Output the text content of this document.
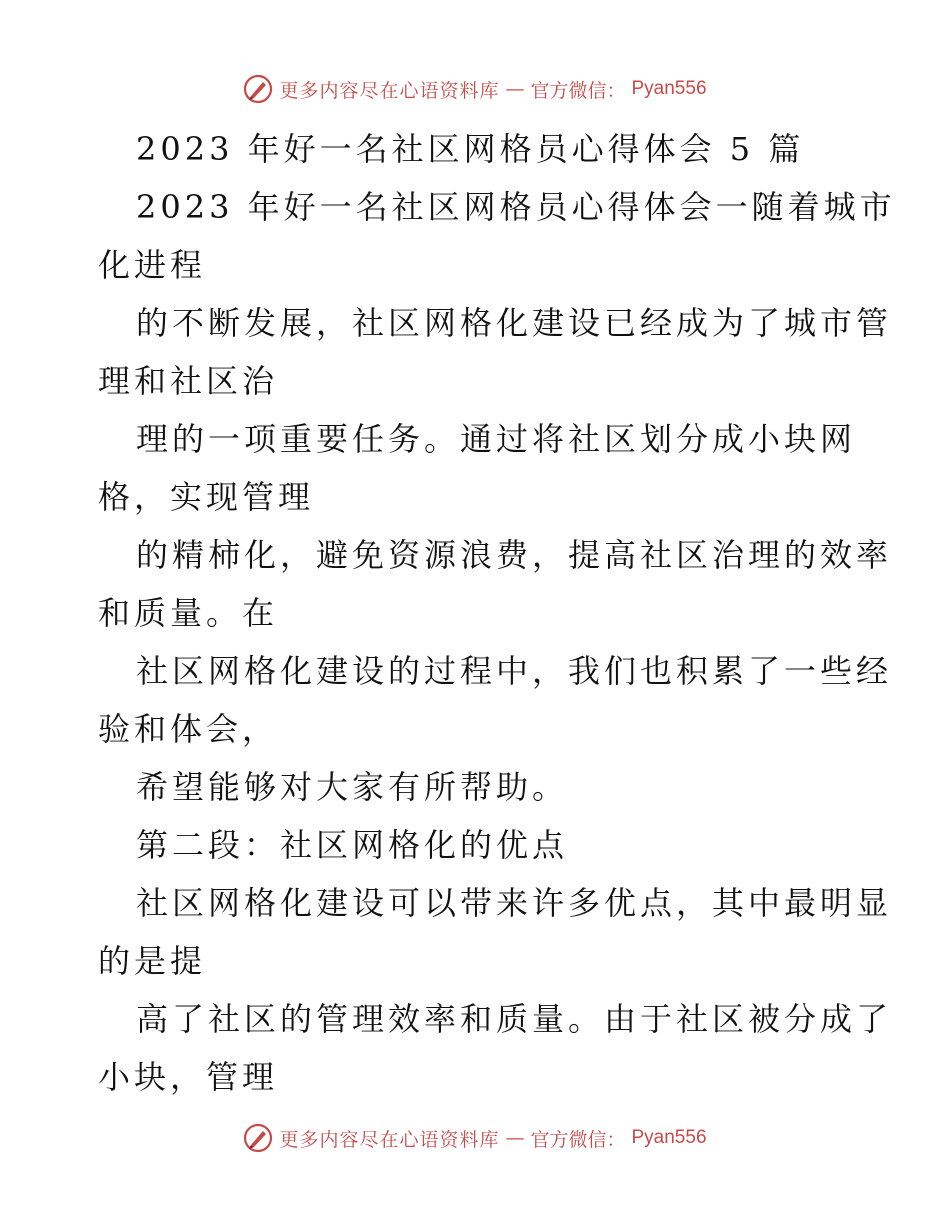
更多内容尽在心语资料库 — 官方微信： Pyan556

2023 年好一名社区网格员心得体会 5 篇

2023 年好一名社区网格员心得体会一随着城市

化进程

的不断发展，社区网格化建设已经成为了城市管

理和社区治

理的一项重要任务。通过将社区划分成小块网

格，实现管理

的精柿化，避免资源浪费，提高社区治理的效率

和质量。在

社区网格化建设的过程中，我们也积累了一些经

验和体会，

希望能够对大家有所帮助。

第二段：社区网格化的优点

社区网格化建设可以带来许多优点，其中最明显

的是提

高了社区的管理效率和质量。由于社区被分成了

小块，管理

更多内容尽在心语资料库 — 官方微信： Pyan556
